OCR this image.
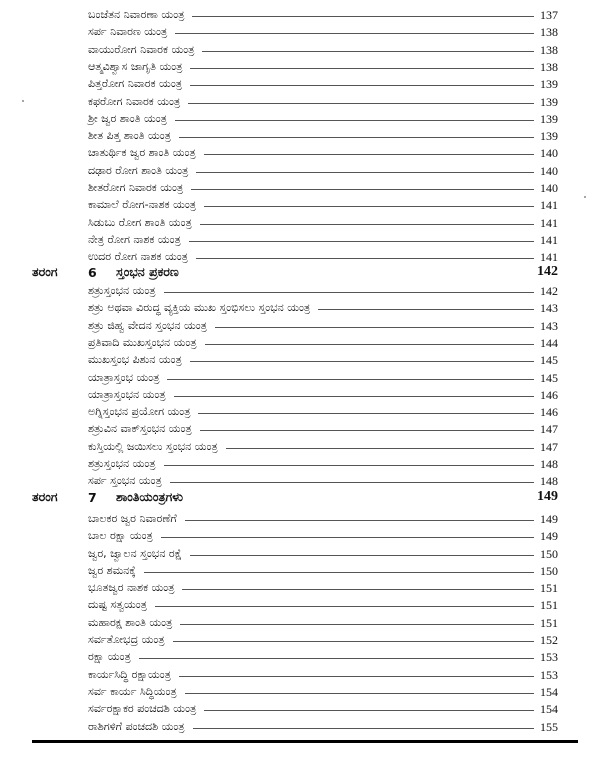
ಬಂಜೆತನ ನಿವಾರಣಾ ಯಂತ್ರ	137
ಸರ್ಪ ನಿವಾರಣ ಯಂತ್ರ	138
ವಾಯುರೋಗ ನಿವಾರಕ ಯಂತ್ರ	138
ಆತ್ಮವಿಶ್ವಾಸ ಜಾಗೃತಿ ಯಂತ್ರ	138
ಪಿತ್ತರೋಗ ನಿವಾರಕ ಯಂತ್ರ	139
ಕಫರೋಗ ನಿವಾರಕ ಯಂತ್ರ	139
ಶ್ರೀ ಜ್ವರ ಶಾಂತಿ ಯಂತ್ರ	139
ಶೀತ ಪಿತ್ತ ಶಾಂತಿ ಯಂತ್ರ	139
ಚಾತುರ್ಥಿಕ ಜ್ವರ ಶಾಂತಿ ಯಂತ್ರ	140
ದಢಾರ ರೋಗ ಶಾಂತಿ ಯಂತ್ರ	140
ಶೀತರೋಗ ನಿವಾರಕ ಯಂತ್ರ	140
ಕಾಮಾಲೆ ರೋಗ-ನಾಶಕ ಯಂತ್ರ	141
ಸಿಡುಬು ರೋಗ ಶಾಂತಿ ಯಂತ್ರ	141
ನೇತ್ರ ರೋಗ ನಾಶಕ ಯಂತ್ರ	141
ಉದರ ರೋಗ ನಾಶಕ ಯಂತ್ರ	141
ತರಂಗ	6	ಸ್ತಂಭನ ಪ್ರಕರಣ	142
ಶತ್ರುಸ್ತಂಭನ ಯಂತ್ರ	142
ಶತ್ರು ಅಥವಾ ವಿರುದ್ಧ ವ್ಯಕ್ತಿಯ ಮುಖ ಸ್ತಂಭಿಸಲು ಸ್ತಂಭನ ಯಂತ್ರ	143
ಶತ್ರು ಜಿಹ್ವ ವೇದನ ಸ್ತಂಭನ ಯಂತ್ರ	143
ಪ್ರತಿವಾದಿ ಮುಖಸ್ತಂಭನ ಯಂತ್ರ	144
ಮುಖಸ್ತಂಭ ಪಿಶುನ ಯಂತ್ರ	145
ಯಾತ್ರಾಸ್ತಂಭ ಯಂತ್ರ	145
ಯಾತ್ರಾಸ್ತಂಭನ ಯಂತ್ರ	146
ಅಗ್ನಿಸ್ತಂಭನ ಪ್ರಯೋಗ ಯಂತ್ರ	146
ಶತ್ರುವಿನ ವಾಕ್‌ಸ್ತಂಭನ ಯಂತ್ರ	147
ಕುಸ್ತಿಯಲ್ಲಿ ಜಯಿಸಲು ಸ್ತಂಭನ ಯಂತ್ರ	147
ಶತ್ರುಸ್ತಂಭನ ಯಂತ್ರ	148
ಸರ್ಪ ಸ್ತಂಭನ ಯಂತ್ರ	148
ತರಂಗ	7	ಶಾಂತಿಯಂತ್ರಗಳು	149
ಬಾಲಕರ ಜ್ವರ ನಿವಾರಣೆಗೆ	149
ಬಾಲ ರಕ್ಷಾ ಯಂತ್ರ	149
ಜ್ವರ, ಜ್ವಾಲನ ಸ್ತಂಭನ ರಕ್ಷೆ	150
ಜ್ವರ ಶಮನಕ್ಕೆ	150
ಭೂತಜ್ವರ ನಾಶಕ ಯಂತ್ರ	151
ದುಷ್ಟ ಸತ್ವಯಂತ್ರ	151
ಮಹಾರಕ್ಷ ಶಾಂತಿ ಯಂತ್ರ	151
ಸರ್ವತೋಭದ್ರ ಯಂತ್ರ	152
ರಕ್ಷಾ ಯಂತ್ರ	153
ಕಾರ್ಯಸಿದ್ಧಿ ರಕ್ಷಾಯಂತ್ರ	153
ಸರ್ವ ಕಾರ್ಯ ಸಿದ್ಧಿಯಂತ್ರ	154
ಸರ್ವರಕ್ಷಾಕರ ಪಂಚದಶಿ ಯಂತ್ರ	154
ರಾಶಿಗಳಿಗೆ ಪಂಚದಶಿ ಯಂತ್ರ	155
